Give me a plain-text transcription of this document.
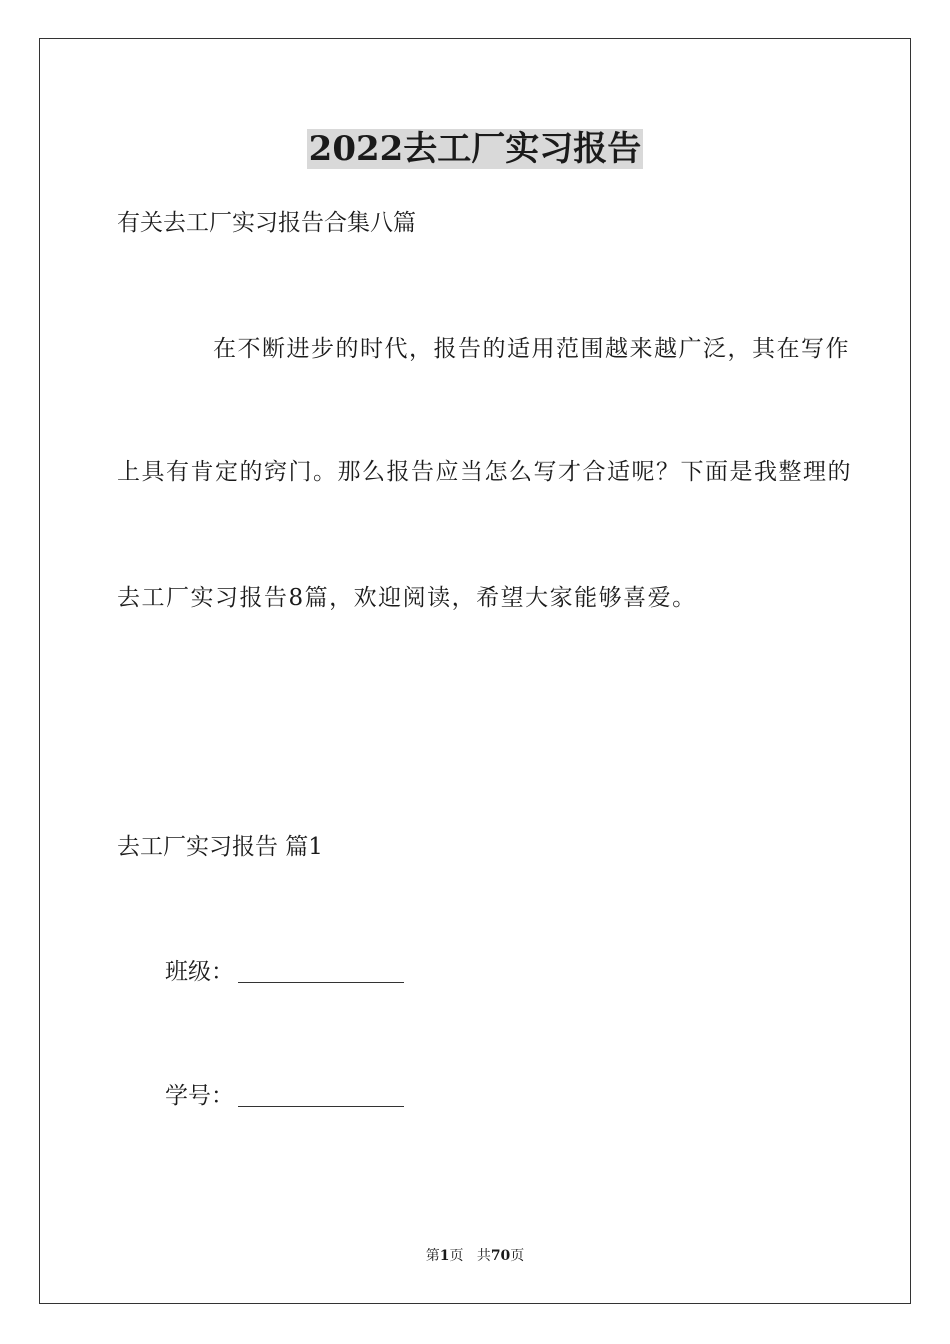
2022去工厂实习报告
有关去工厂实习报告合集八篇
在不断进步的时代，报告的适用范围越来越广泛，其在写作
上具有肯定的窍门。那么报告应当怎么写才合适呢？下面是我整理的
去工厂实习报告8篇，欢迎阅读，希望大家能够喜爱。
去工厂实习报告 篇1
班级：
学号：
第1页 共70页
